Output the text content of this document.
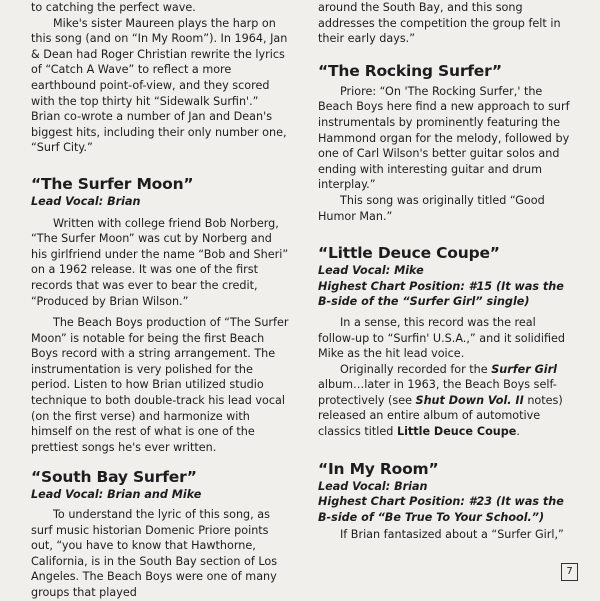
to catching the perfect wave.

Mike's sister Maureen plays the harp on this song (and on “In My Room”). In 1964, Jan & Dean had Roger Christian rewrite the lyrics of “Catch A Wave” to reflect a more earthbound point-of-view, and they scored with the top thirty hit “Sidewalk Surfin'.” Brian co-wrote a number of Jan and Dean's biggest hits, including their only number one, “Surf City.”

“The Surfer Moon”
Lead Vocal: Brian

Written with college friend Bob Norberg, “The Surfer Moon” was cut by Norberg and his girlfriend under the name “Bob and Sheri” on a 1962 release. It was one of the first records that was ever to bear the credit, “Produced by Brian Wilson.”

The Beach Boys production of “The Surfer Moon” is notable for being the first Beach Boys record with a string arrangement. The instrumentation is very polished for the period. Listen to how Brian utilized studio technique to both double-track his lead vocal (on the first verse) and harmonize with himself on the rest of what is one of the prettiest songs he's ever written.

“South Bay Surfer”
Lead Vocal: Brian and Mike

To understand the lyric of this song, as surf music historian Domenic Priore points out, “you have to know that Hawthorne, California, is in the South Bay section of Los Angeles. The Beach Boys were one of many groups that played

around the South Bay, and this song addresses the competition the group felt in their early days.”

“The Rocking Surfer”

Priore: “On 'The Rocking Surfer,' the Beach Boys here find a new approach to surf instrumentals by prominently featuring the Hammond organ for the melody, followed by one of Carl Wilson's better guitar solos and ending with interesting guitar and drum interplay.”

This song was originally titled “Good Humor Man.”

“Little Deuce Coupe”
Lead Vocal: Mike
Highest Chart Position: #15 (It was the B-side of the “Surfer Girl” single)

In a sense, this record was the real follow-up to “Surfin' U.S.A.,” and it solidified Mike as the hit lead voice.

Originally recorded for the Surfer Girl album…later in 1963, the Beach Boys self-protectively (see Shut Down Vol. II notes) released an entire album of automotive classics titled Little Deuce Coupe.

“In My Room”
Lead Vocal: Brian
Highest Chart Position: #23 (It was the B-side of “Be True To Your School.”)

If Brian fantasized about a “Surfer Girl,”

7
